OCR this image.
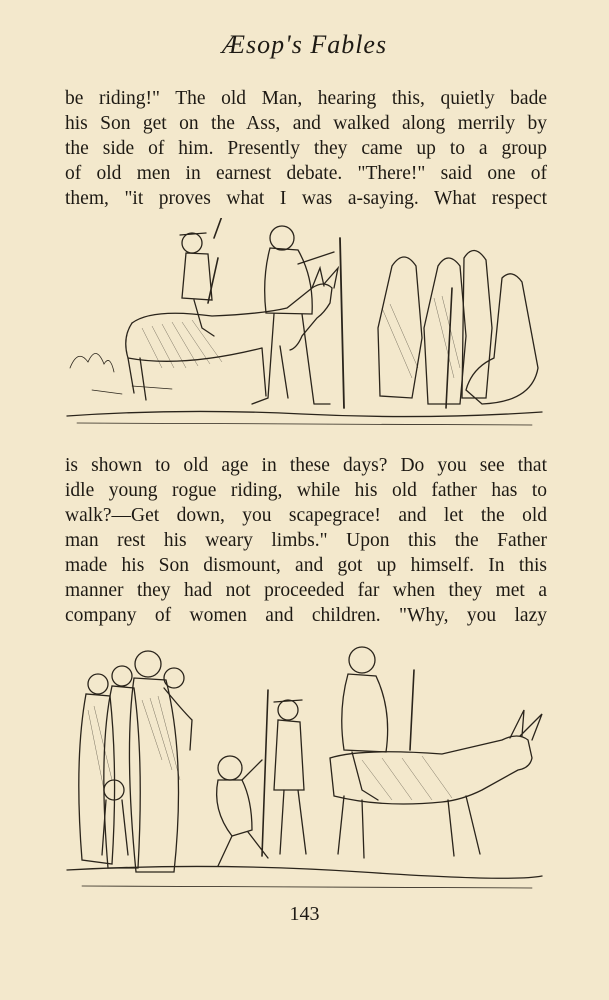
Æsop's Fables
be riding!" The old Man, hearing this, quietly bade
his Son get on the Ass, and walked along merrily by
the side of him. Presently they came up to a group
of old men in earnest debate. "There!" said one of
them, "it proves what I was a-saying. What respect
is shown to old age in these days? Do you see that
idle young rogue riding, while his old father has to
walk?—Get down, you scapegrace! and let the old
man rest his weary limbs." Upon this the Father
made his Son dismount, and got up himself. In this
manner they had not proceeded far when they met a
company of women and children. "Why, you lazy
143
